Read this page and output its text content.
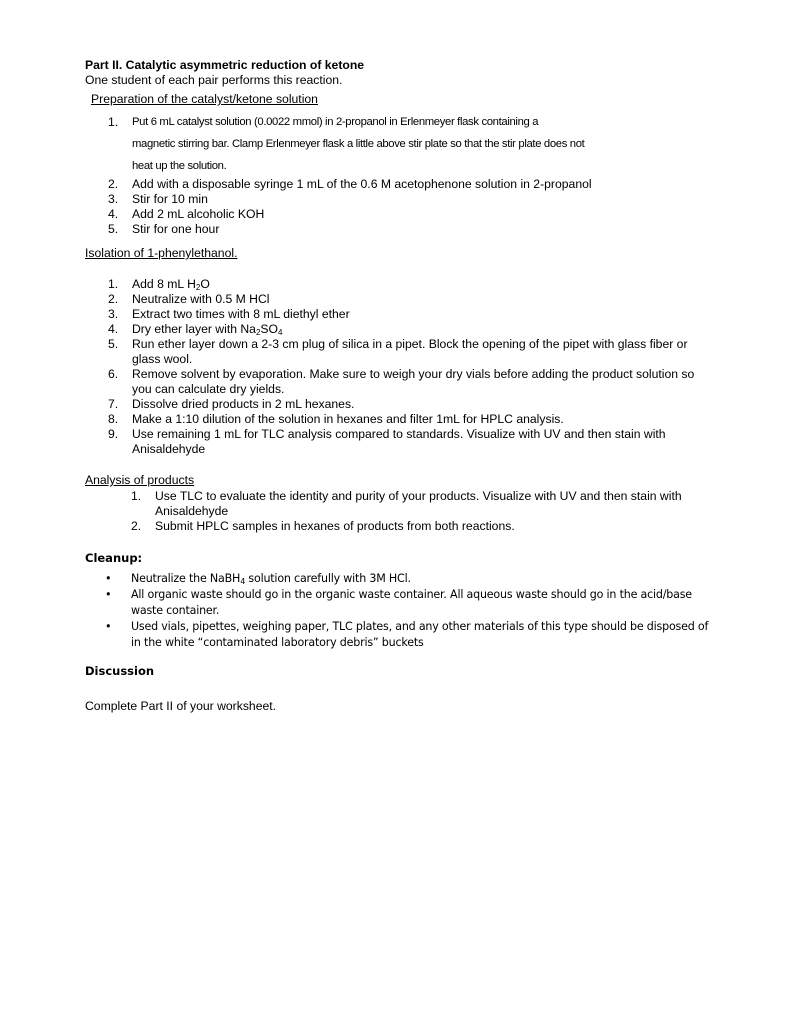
Part II. Catalytic asymmetric reduction of ketone
One student of each pair performs this reaction.
Preparation of the catalyst/ketone solution
1.	Put 6 mL catalyst solution (0.0022 mmol) in 2-propanol in Erlenmeyer flask containing a
magnetic stirring bar. Clamp Erlenmeyer flask a little above stir plate so that the stir plate does not
heat up the solution.
2.	Add with a disposable syringe 1 mL of the 0.6 M acetophenone solution in 2-propanol
3.	Stir for 10 min
4.	Add 2 mL alcoholic KOH
5.	Stir for one hour
Isolation of 1-phenylethanol.
1.	Add 8 mL $H_2O$
2.	Neutralize with 0.5 M HCl
3.	Extract two times with 8 mL diethyl ether
4.	Dry ether layer with $Na_2SO_4$
5.	Run ether layer down a 2-3 cm plug of silica in a pipet. Block the opening of the pipet with glass fiber or glass wool.
6.	Remove solvent by evaporation. Make sure to weigh your dry vials before adding the product solution so you can calculate dry yields.
7.	Dissolve dried products in 2 mL hexanes.
8.	Make a 1:10 dilution of the solution in hexanes and filter 1mL for HPLC analysis.
9.	Use remaining 1 mL for TLC analysis compared to standards. Visualize with UV and then stain with Anisaldehyde
Analysis of products
1.	Use TLC to evaluate the identity and purity of your products. Visualize with UV and then stain with Anisaldehyde
2.	Submit HPLC samples in hexanes of products from both reactions.
Cleanup:
•	Neutralize the NaBH$_4$ solution carefully with 3M HCl.
•	All organic waste should go in the organic waste container. All aqueous waste should go in the acid/base waste container.
•	Used vials, pipettes, weighing paper, TLC plates, and any other materials of this type should be disposed of in the white “contaminated laboratory debris” buckets
Discussion
Complete Part II of your worksheet.
